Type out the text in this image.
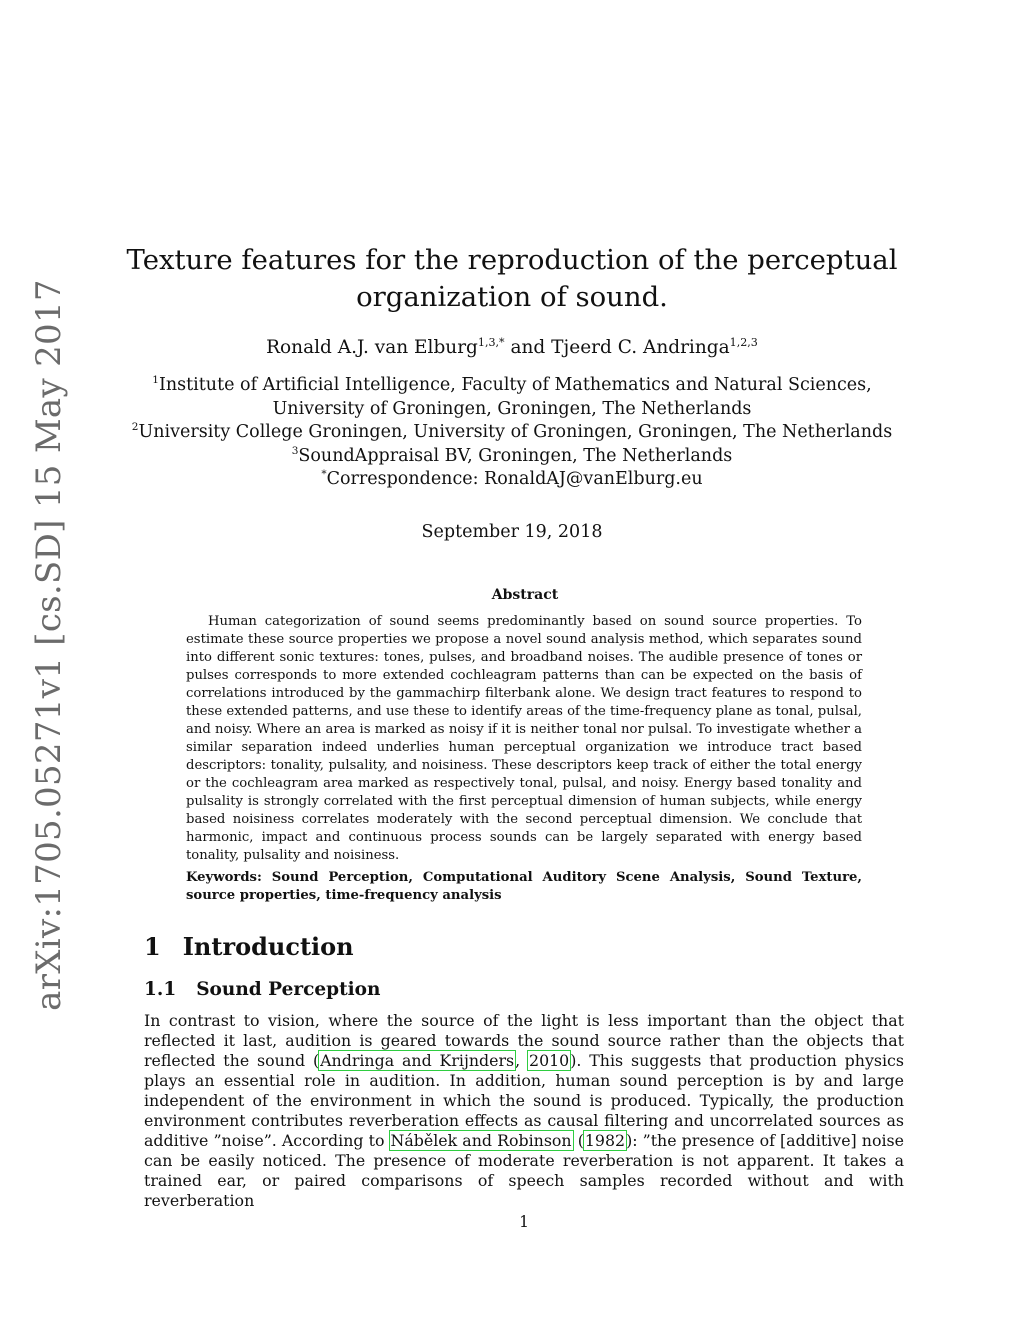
arXiv:1705.05271v1 [cs.SD] 15 May 2017
Texture features for the reproduction of the perceptual
organization of sound.
Ronald A.J. van Elburg$^{1,3,*}$ and Tjeerd C. Andringa$^{1,2,3}$
$^1$Institute of Artificial Intelligence, Faculty of Mathematics and Natural Sciences,
University of Groningen, Groningen, The Netherlands
$^2$University College Groningen, University of Groningen, Groningen, The Netherlands
$^3$SoundAppraisal BV, Groningen, The Netherlands
*Correspondence: RonaldAJ@vanElburg.eu
September 19, 2018
Abstract

Human categorization of sound seems predominantly based on sound source properties. To estimate these source properties we propose a novel sound analysis method, which separates sound into different sonic textures: tones, pulses, and broadband noises. The audible presence of tones or pulses corresponds to more extended cochleagram patterns than can be expected on the basis of correlations introduced by the gammachirp filterbank alone. We design tract features to respond to these extended patterns, and use these to identify areas of the time-frequency plane as tonal, pulsal, and noisy. Where an area is marked as noisy if it is neither tonal nor pulsal. To investigate whether a similar separation indeed underlies human perceptual organization we introduce tract based descriptors: tonality, pulsality, and noisiness. These descriptors keep track of either the total energy or the cochleagram area marked as respectively tonal, pulsal, and noisy. Energy based tonality and pulsality is strongly correlated with the first perceptual dimension of human subjects, while energy based noisiness correlates moderately with the second perceptual dimension. We conclude that harmonic, impact and continuous process sounds can be largely separated with energy based tonality, pulsality and noisiness.

Keywords: Sound Perception, Computational Auditory Scene Analysis, Sound Texture, source properties, time-frequency analysis

1 Introduction
1.1 Sound Perception

In contrast to vision, where the source of the light is less important than the object that reflected it last, audition is geared towards the sound source rather than the objects that reflected the sound (Andringa and Krijnders, 2010). This suggests that production physics plays an essential role in audition. In addition, human sound perception is by and large independent of the environment in which the sound is produced. Typically, the production environment contributes reverberation effects as causal filtering and uncorrelated sources as additive ”noise”. According to Nábělek and Robinson (1982): ”the presence of [additive] noise can be easily noticed. The presence of moderate reverberation is not apparent. It takes a trained ear, or paired comparisons of speech samples recorded without and with reverberation

1
